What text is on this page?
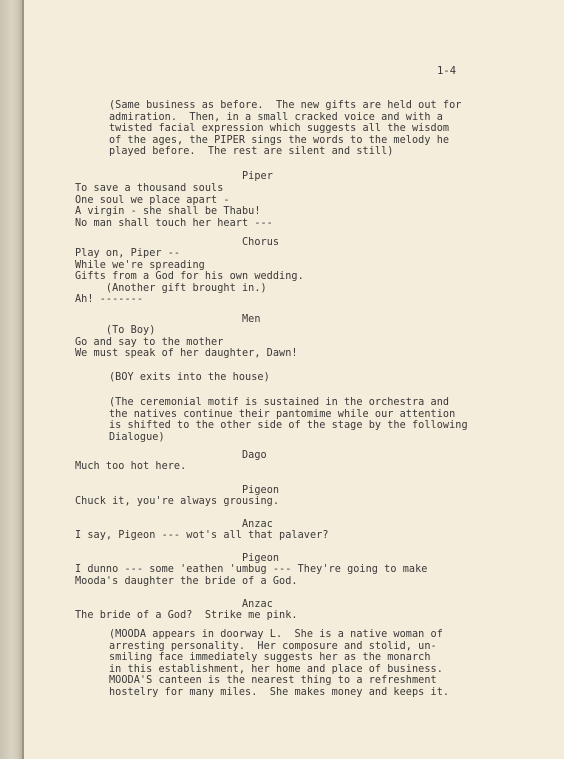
1-4
(Same business as before.  The new gifts are held out for
admiration.  Then, in a small cracked voice and with a
twisted facial expression which suggests all the wisdom
of the ages, the PIPER sings the words to the melody he
played before.  The rest are silent and still)
Piper
To save a thousand souls
One soul we place apart -
A virgin - she shall be Thabu!
No man shall touch her heart ---
Chorus
Play on, Piper --
While we're spreading
Gifts from a God for his own wedding.
(Another gift brought in.)
Ah! -------
Men
(To Boy)
Go and say to the mother
We must speak of her daughter, Dawn!
(BOY exits into the house)
(The ceremonial motif is sustained in the orchestra and
the natives continue their pantomime while our attention
is shifted to the other side of the stage by the following
Dialogue)
Dago
Much too hot here.
Pigeon
Chuck it, you're always grousing.
Anzac
I say, Pigeon --- wot's all that palaver?
Pigeon
I dunno --- some 'eathen 'umbug --- They're going to make
Mooda's daughter the bride of a God.
Anzac
The bride of a God?  Strike me pink.
(MOODA appears in doorway L.  She is a native woman of
arresting personality.  Her composure and stolid, un-
smiling face immediately suggests her as the monarch
in this establishment, her home and place of business.
MOODA'S canteen is the nearest thing to a refreshment
hostelry for many miles.  She makes money and keeps it.
